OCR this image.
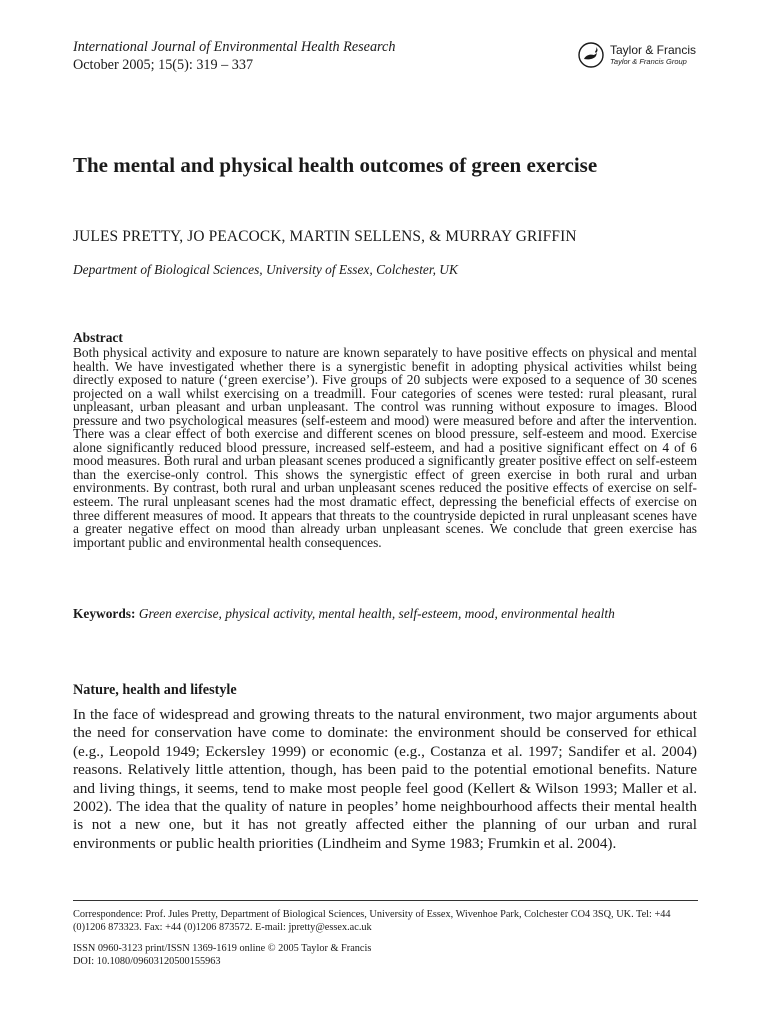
International Journal of Environmental Health Research
October 2005; 15(5): 319 – 337
Taylor & Francis
Taylor & Francis Group
The mental and physical health outcomes of green exercise
JULES PRETTY, JO PEACOCK, MARTIN SELLENS, & MURRAY GRIFFIN
Department of Biological Sciences, University of Essex, Colchester, UK
Abstract
Both physical activity and exposure to nature are known separately to have positive effects on physical and mental health. We have investigated whether there is a synergistic benefit in adopting physical activities whilst being directly exposed to nature (‘green exercise’). Five groups of 20 subjects were exposed to a sequence of 30 scenes projected on a wall whilst exercising on a treadmill. Four categories of scenes were tested: rural pleasant, rural unpleasant, urban pleasant and urban unpleasant. The control was running without exposure to images. Blood pressure and two psychological measures (self-esteem and mood) were measured before and after the intervention. There was a clear effect of both exercise and different scenes on blood pressure, self-esteem and mood. Exercise alone significantly reduced blood pressure, increased self-esteem, and had a positive significant effect on 4 of 6 mood measures. Both rural and urban pleasant scenes produced a significantly greater positive effect on self-esteem than the exercise-only control. This shows the synergistic effect of green exercise in both rural and urban environments. By contrast, both rural and urban unpleasant scenes reduced the positive effects of exercise on self-esteem. The rural unpleasant scenes had the most dramatic effect, depressing the beneficial effects of exercise on three different measures of mood. It appears that threats to the countryside depicted in rural unpleasant scenes have a greater negative effect on mood than already urban unpleasant scenes. We conclude that green exercise has important public and environmental health consequences.
Keywords: Green exercise, physical activity, mental health, self-esteem, mood, environmental health
Nature, health and lifestyle
In the face of widespread and growing threats to the natural environment, two major arguments about the need for conservation have come to dominate: the environment should be conserved for ethical (e.g., Leopold 1949; Eckersley 1999) or economic (e.g., Costanza et al. 1997; Sandifer et al. 2004) reasons. Relatively little attention, though, has been paid to the potential emotional benefits. Nature and living things, it seems, tend to make most people feel good (Kellert & Wilson 1993; Maller et al. 2002). The idea that the quality of nature in peoples’ home neighbourhood affects their mental health is not a new one, but it has not greatly affected either the planning of our urban and rural environments or public health priorities (Lindheim and Syme 1983; Frumkin et al. 2004).
Correspondence: Prof. Jules Pretty, Department of Biological Sciences, University of Essex, Wivenhoe Park, Colchester CO4 3SQ, UK. Tel: +44 (0)1206 873323. Fax: +44 (0)1206 873572. E-mail: jpretty@essex.ac.uk
ISSN 0960-3123 print/ISSN 1369-1619 online © 2005 Taylor & Francis
DOI: 10.1080/09603120500155963
